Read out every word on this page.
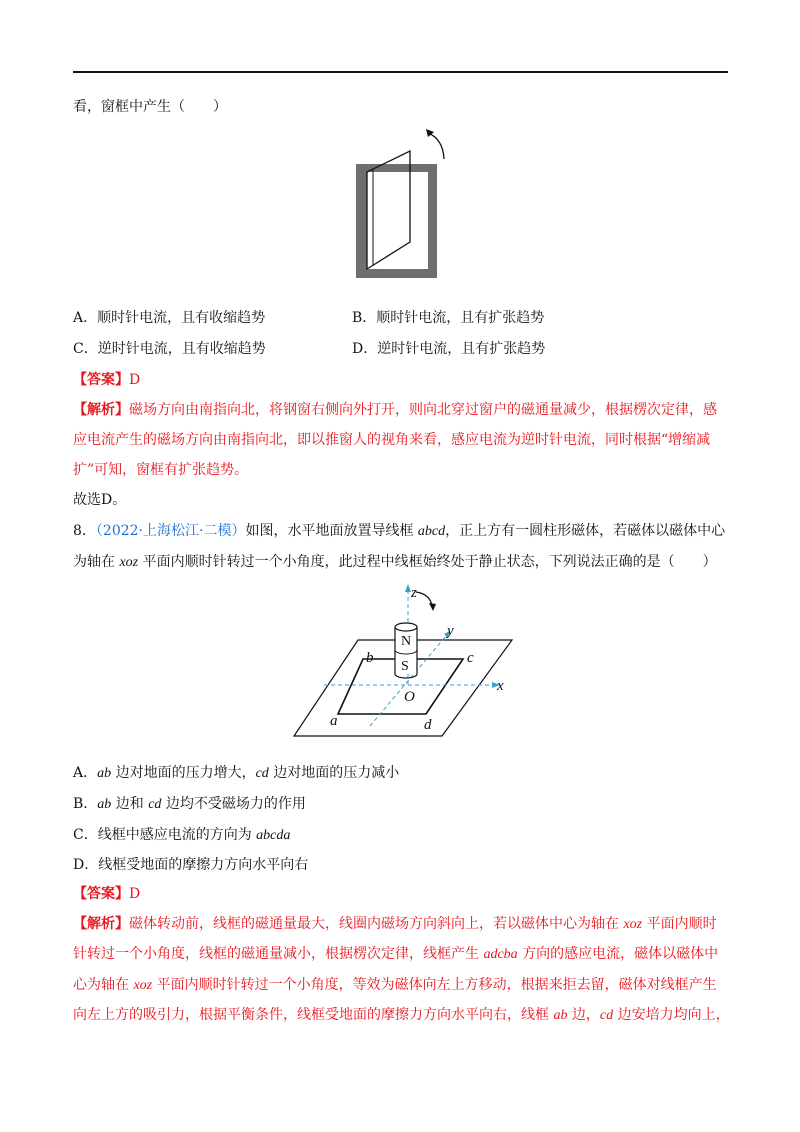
看，窗框中产生（　　）
A．顺时针电流，且有收缩趋势	B．顺时针电流，且有扩张趋势
C．逆时针电流，且有收缩趋势	D．逆时针电流，且有扩张趋势
【答案】D
【解析】磁场方向由南指向北，将钢窗右侧向外打开，则向北穿过窗户的磁通量减少，根据楞次定律，感
应电流产生的磁场方向由南指向北，即以推窗人的视角来看，感应电流为逆时针电流，同时根据“增缩减
扩”可知，窗框有扩张趋势。
故选D。
8．（2022·上海松江·二模）如图，水平地面放置导线框 abcd，正上方有一圆柱形磁体，若磁体以磁体中心
为轴在 xoz 平面内顺时针转过一个小角度，此过程中线框始终处于静止状态，下列说法正确的是（　　）
z
y
x
N
S
O
a
b	c
d
A．ab 边对地面的压力增大，cd 边对地面的压力减小
B．ab 边和 cd 边均不受磁场力的作用
C．线框中感应电流的方向为 abcda
D．线框受地面的摩擦力方向水平向右
【答案】D
【解析】磁体转动前，线框的磁通量最大，线圈内磁场方向斜向上，若以磁体中心为轴在 xoz 平面内顺时
针转过一个小角度，线框的磁通量减小，根据楞次定律，线框产生 adcba 方向的感应电流，磁体以磁体中
心为轴在 xoz 平面内顺时针转过一个小角度，等效为磁体向左上方移动，根据来拒去留，磁体对线框产生
向左上方的吸引力，根据平衡条件，线框受地面的摩擦力方向水平向右，线框 ab 边，cd 边安培力均向上，
